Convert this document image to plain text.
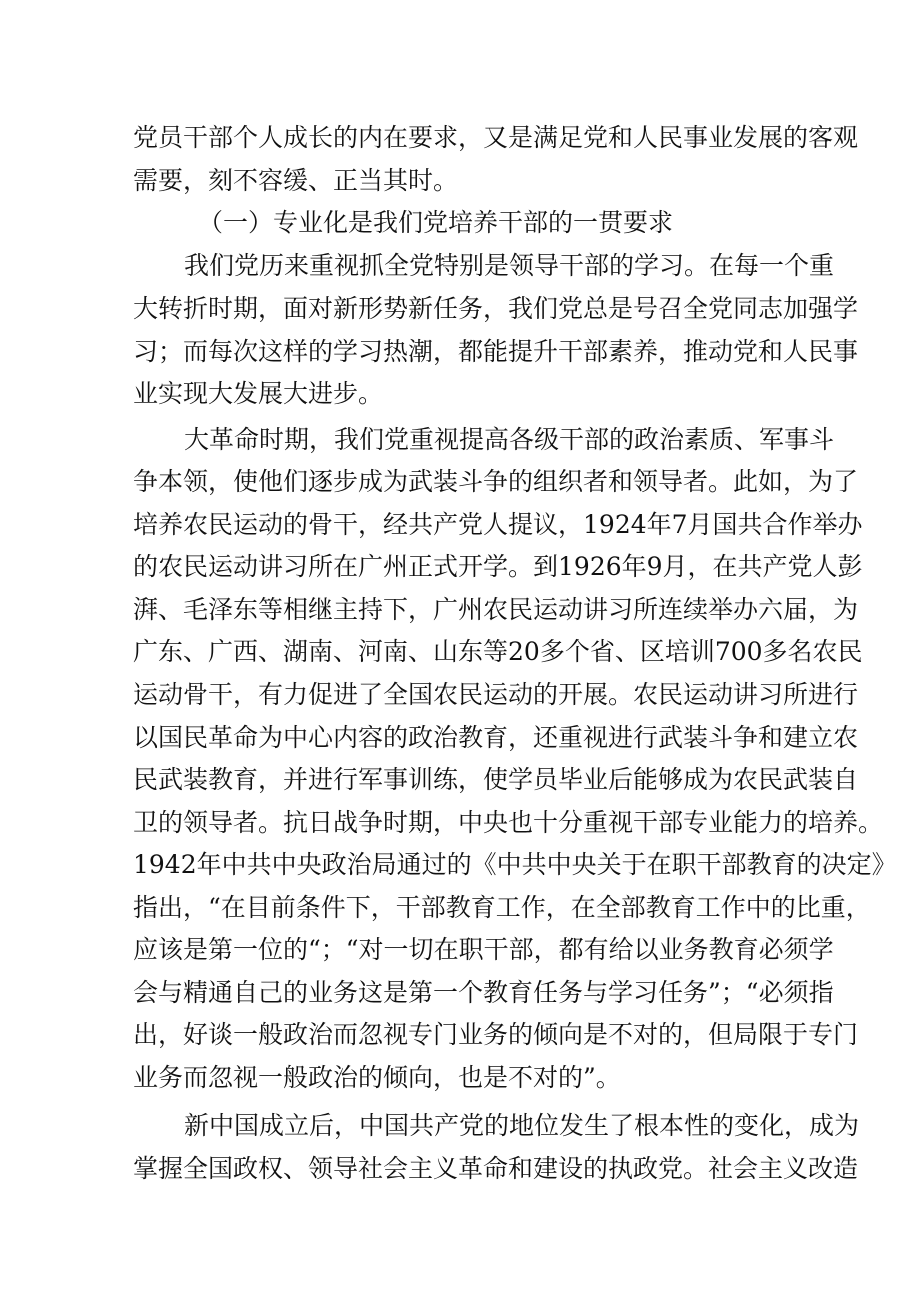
党员干部个人成长的内在要求，又是满足党和人民事业发展的客观
需要，刻不容缓、正当其时。
（一）专业化是我们党培养干部的一贯要求
我们党历来重视抓全党特别是领导干部的学习。在每一个重
大转折时期，面对新形势新任务，我们党总是号召全党同志加强学
习；而每次这样的学习热潮，都能提升干部素养，推动党和人民事
业实现大发展大进步。
大革命时期，我们党重视提高各级干部的政治素质、军事斗
争本领，使他们逐步成为武装斗争的组织者和领导者。此如，为了
培养农民运动的骨干，经共产党人提议，1924年7月国共合作举办
的农民运动讲习所在广州正式开学。到1926年9月，在共产党人彭
湃、毛泽东等相继主持下，广州农民运动讲习所连续举办六届，为
广东、广西、湖南、河南、山东等20多个省、区培训700多名农民
运动骨干，有力促进了全国农民运动的开展。农民运动讲习所进行
以国民革命为中心内容的政治教育，还重视进行武装斗争和建立农
民武装教育，并进行军事训练，使学员毕业后能够成为农民武装自
卫的领导者。抗日战争时期，中央也十分重视干部专业能力的培养。
1942年中共中央政治局通过的《中共中央关于在职干部教育的决定》
指出，“在目前条件下，干部教育工作，在全部教育工作中的比重，
应该是第一位的“；“对一切在职干部，都有给以业务教育必须学
会与精通自己的业务这是第一个教育任务与学习任务”；“必须指
出，好谈一般政治而忽视专门业务的倾向是不对的，但局限于专门
业务而忽视一般政治的倾向，也是不对的”。
新中国成立后，中国共产党的地位发生了根本性的变化，成为
掌握全国政权、领导社会主义革命和建设的执政党。社会主义改造
